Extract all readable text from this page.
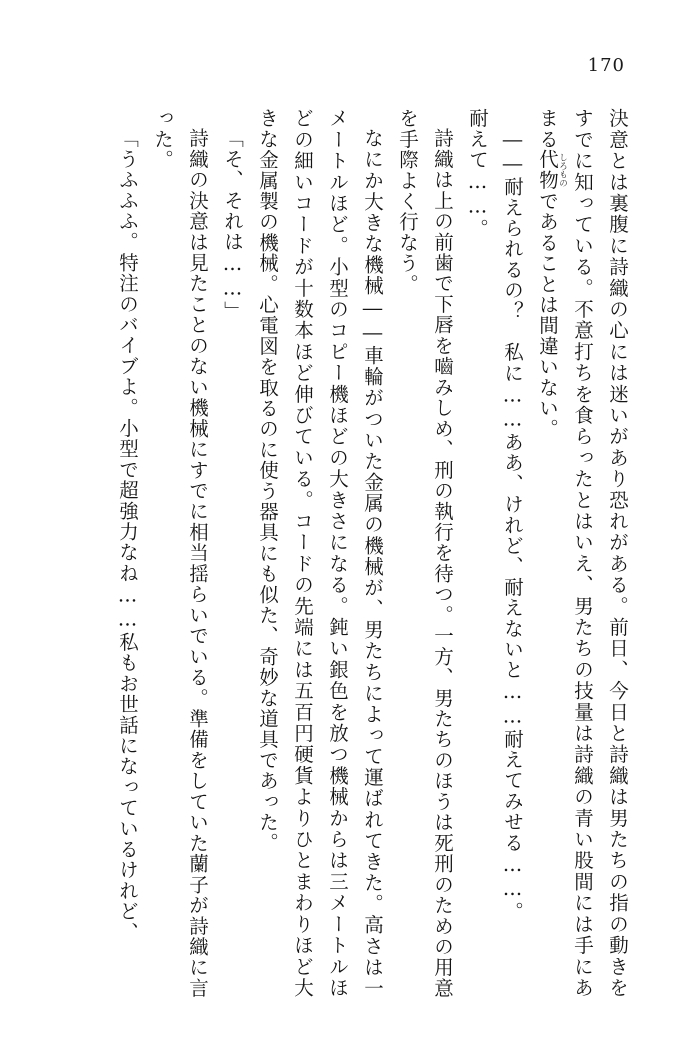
170

決意とは裏腹に詩織の心には迷いがあり恐れがある。前日、今日と詩織は男たちの指の動きをすでに知っている。不意打ちを食らったとはいえ、男たちの技量は詩織の青い股間には手にあまる代物しろものであることは間違いない。

――耐えられるの？　私に……ああ、けれど、耐えないと……耐えてみせる……。

耐えて……。

詩織は上の前歯で下唇を嚙みしめ、刑の執行を待つ。一方、男たちのほうは死刑のための用意を手際よく行なう。

なにか大きな機械――車輪がついた金属の機械が、男たちによって運ばれてきた。高さは一メートルほど。小型のコピー機ほどの大きさになる。鈍い銀色を放つ機械からは三メートルほどの細いコードが十数本ほど伸びている。コードの先端には五百円硬貨よりひとまわりほど大きな金属製の機械。心電図を取るのに使う器具にも似た、奇妙な道具であった。

「そ、それは……」

詩織の決意は見たことのない機械にすでに相当揺らいでいる。準備をしていた蘭子が詩織に言った。

「うふふふ。特注のバイブよ。小型で超強力なね……私もお世話になっているけれど、
